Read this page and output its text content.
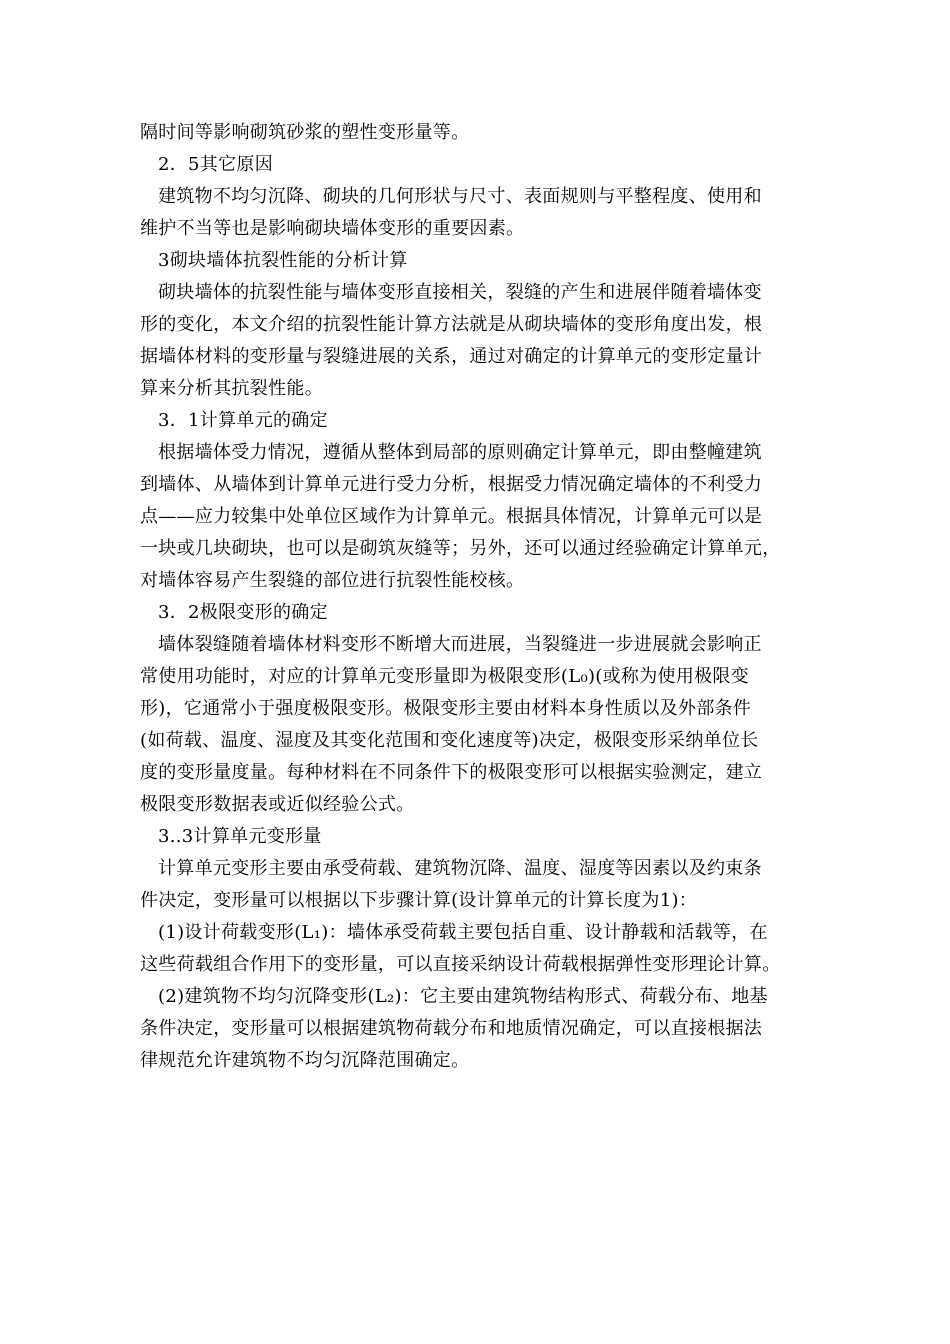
隔时间等影响砌筑砂浆的塑性变形量等。
2．5其它原因
建筑物不均匀沉降、砌块的几何形状与尺寸、表面规则与平整程度、使用和
维护不当等也是影响砌块墙体变形的重要因素。
3砌块墙体抗裂性能的分析计算
砌块墙体的抗裂性能与墙体变形直接相关，裂缝的产生和进展伴随着墙体变
形的变化，本文介绍的抗裂性能计算方法就是从砌块墙体的变形角度出发，根
据墙体材料的变形量与裂缝进展的关系，通过对确定的计算单元的变形定量计
算来分析其抗裂性能。
3．1计算单元的确定
根据墙体受力情况，遵循从整体到局部的原则确定计算单元，即由整幢建筑
到墙体、从墙体到计算单元进行受力分析，根据受力情况确定墙体的不利受力
点——应力较集中处单位区域作为计算单元。根据具体情况，计算单元可以是
一块或几块砌块，也可以是砌筑灰缝等；另外，还可以通过经验确定计算单元，
对墙体容易产生裂缝的部位进行抗裂性能校核。
3．2极限变形的确定
墙体裂缝随着墙体材料变形不断增大而进展，当裂缝进一步进展就会影响正
常使用功能时，对应的计算单元变形量即为极限变形(L₀)(或称为使用极限变
形)，它通常小于强度极限变形。极限变形主要由材料本身性质以及外部条件
(如荷载、温度、湿度及其变化范围和变化速度等)决定，极限变形采纳单位长
度的变形量度量。每种材料在不同条件下的极限变形可以根据实验测定，建立
极限变形数据表或近似经验公式。
3..3计算单元变形量
计算单元变形主要由承受荷载、建筑物沉降、温度、湿度等因素以及约束条
件决定，变形量可以根据以下步骤计算(设计算单元的计算长度为1)：
(1)设计荷载变形(L₁)：墙体承受荷载主要包括自重、设计静载和活载等，在
这些荷载组合作用下的变形量，可以直接采纳设计荷载根据弹性变形理论计算。
(2)建筑物不均匀沉降变形(L₂)：它主要由建筑物结构形式、荷载分布、地基
条件决定，变形量可以根据建筑物荷载分布和地质情况确定，可以直接根据法
律规范允许建筑物不均匀沉降范围确定。
